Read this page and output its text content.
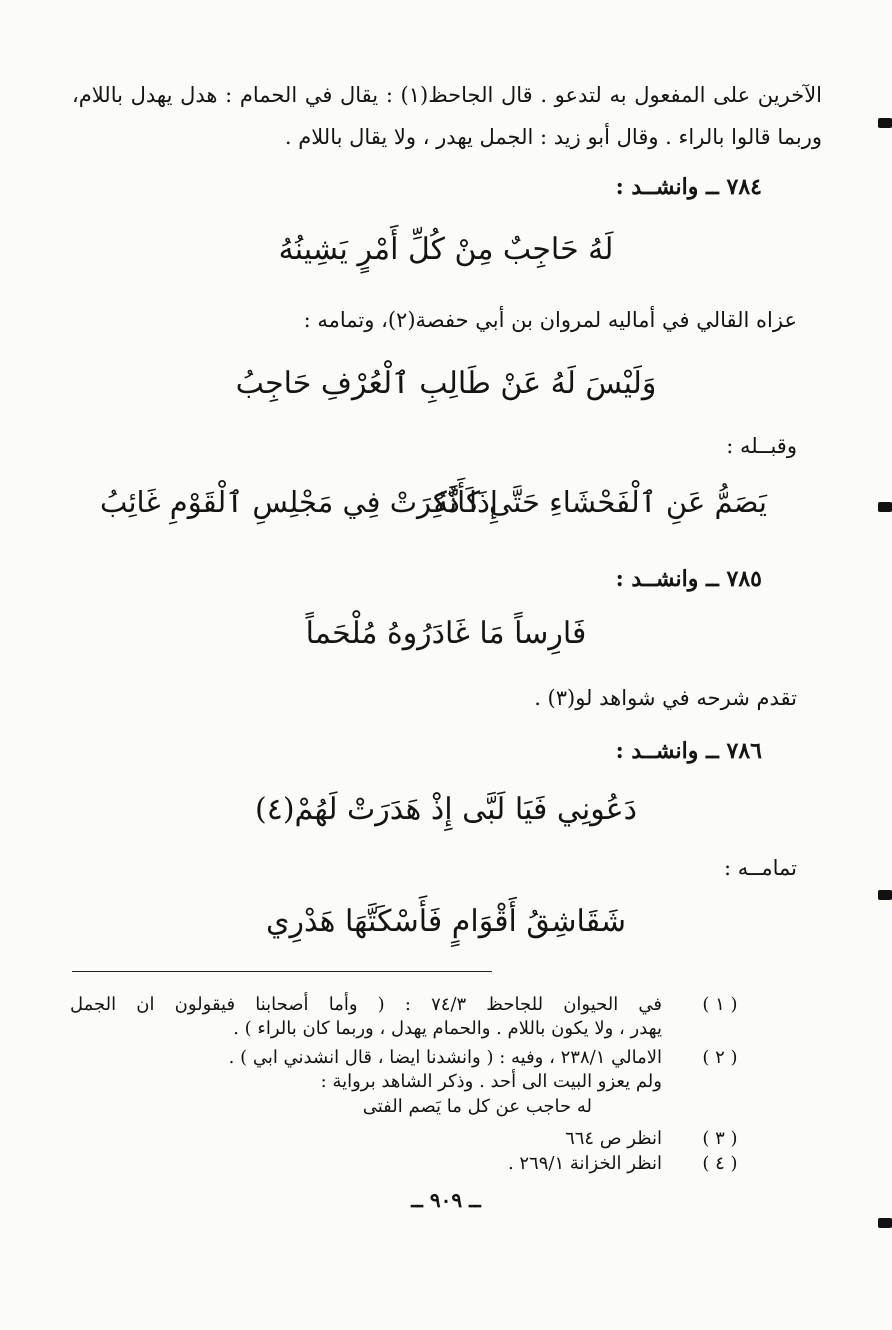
الآخرين على المفعول به لتدعو . قال الجاحظ(١) : يقال في الحمام : هدل يهدل باللام،
وربما قالوا بالراء . وقال أبو زيد : الجمل يهدر ، ولا يقال باللام .
٧٨٤ ــ وانشــد :
لَهُ حَاجِبٌ مِنْ كُلِّ أَمْرٍ يَشِينُهُ
عزاه القالي في أماليه لمروان بن أبي حفصة(٢)، وتمامه :
وَلَيْسَ لَهُ عَنْ طَالِبِ ٱلْعُرْفِ حَاجِبُ
وقبــله :
يَصَمُّ عَنِ ٱلْفَحْشَاءِ حَتَّى كَأَنَّهُ
إِذَا ذُكِرَتْ فِي مَجْلِسِ ٱلْقَوْمِ غَائِبُ
٧٨٥ ــ وانشــد :
فَارِساً مَا غَادَرُوهُ مُلْحَماً
تقدم شرحه في شواهد لو(٣) .
٧٨٦ ــ وانشــد :
دَعُونِي فَيَا لَبَّى إِذْ هَدَرَتْ لَهُمْ(٤)
تمامــه :
شَقَاشِقُ أَقْوَامٍ فَأَسْكَتَّهَا هَدْرِي
( ١ )
في الحيوان للجاحظ ٧٤/٣ : ( وأما أصحابنا فيقولون ان الجمل
يهدر ، ولا يكون باللام . والحمام يهدل ، وربما كان بالراء ) .
( ٢ )
الامالي ٢٣٨/١ ، وفيه : ( وانشدنا ايضا ، قال انشدني ابي ) .
ولم يعزو البيت الى أحد . وذكر الشاهد برواية :
له حاجب عن كل ما يَصم الفتى
( ٣ )
انظر ص ٦٦٤
( ٤ )
انظر الخزانة ٢٦٩/١ .
ــ ٩٠٩ ــ
